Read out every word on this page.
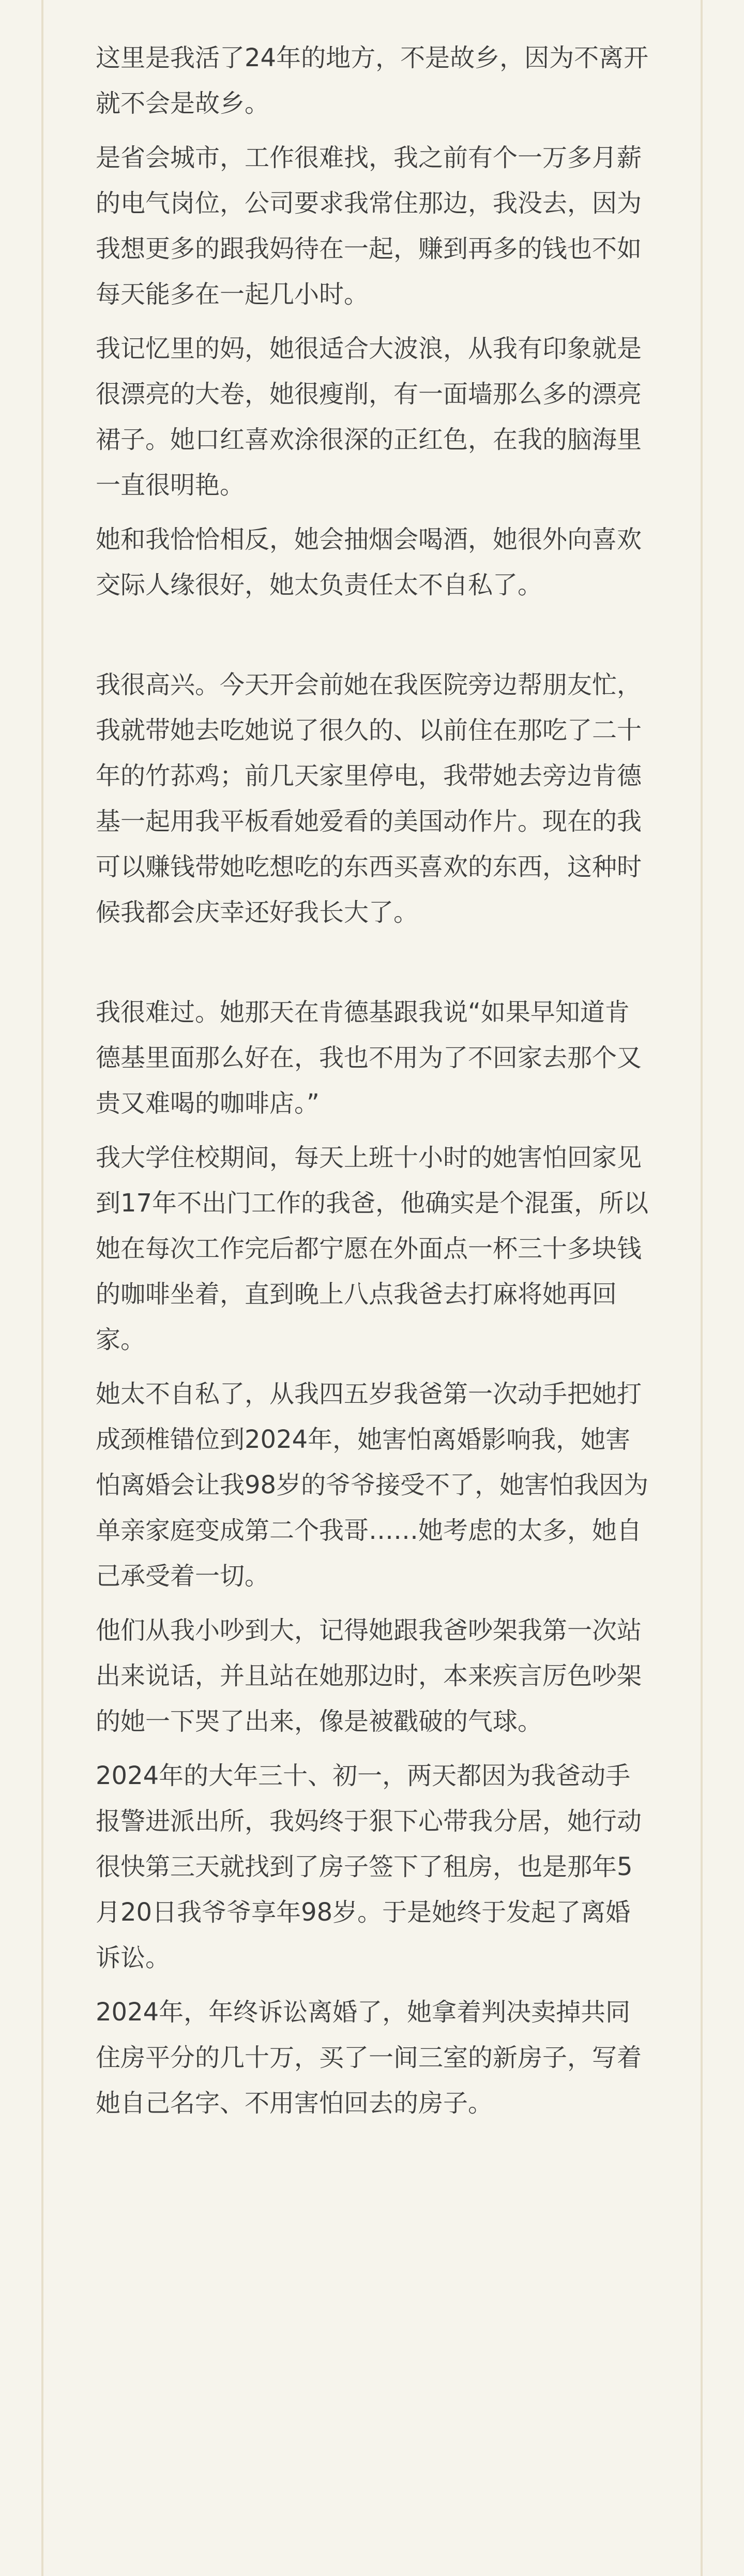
这里是我活了24年的地方，不是故乡，因为不离开就不会是故乡。

是省会城市，工作很难找，我之前有个一万多月薪的电气岗位，公司要求我常住那边，我没去，因为我想更多的跟我妈待在一起，赚到再多的钱也不如每天能多在一起几小时。

我记忆里的妈，她很适合大波浪，从我有印象就是很漂亮的大卷，她很瘦削，有一面墙那么多的漂亮裙子。她口红喜欢涂很深的正红色，在我的脑海里一直很明艳。

她和我恰恰相反，她会抽烟会喝酒，她很外向喜欢交际人缘很好，她太负责任太不自私了。

我很高兴。今天开会前她在我医院旁边帮朋友忙，我就带她去吃她说了很久的、以前住在那吃了二十年的竹荪鸡；前几天家里停电，我带她去旁边肯德基一起用我平板看她爱看的美国动作片。现在的我可以赚钱带她吃想吃的东西买喜欢的东西，这种时候我都会庆幸还好我长大了。

我很难过。她那天在肯德基跟我说“如果早知道肯德基里面那么好在，我也不用为了不回家去那个又贵又难喝的咖啡店。”

我大学住校期间，每天上班十小时的她害怕回家见到17年不出门工作的我爸，他确实是个混蛋，所以她在每次工作完后都宁愿在外面点一杯三十多块钱的咖啡坐着，直到晚上八点我爸去打麻将她再回家。

她太不自私了，从我四五岁我爸第一次动手把她打成颈椎错位到2024年，她害怕离婚影响我，她害怕离婚会让我98岁的爷爷接受不了，她害怕我因为单亲家庭变成第二个我哥……她考虑的太多，她自己承受着一切。

他们从我小吵到大，记得她跟我爸吵架我第一次站出来说话，并且站在她那边时，本来疾言厉色吵架的她一下哭了出来，像是被戳破的气球。

2024年的大年三十、初一，两天都因为我爸动手报警进派出所，我妈终于狠下心带我分居，她行动很快第三天就找到了房子签下了租房，也是那年5月20日我爷爷享年98岁。于是她终于发起了离婚诉讼。

2024年，年终诉讼离婚了，她拿着判决卖掉共同住房平分的几十万，买了一间三室的新房子，写着她自己名字、不用害怕回去的房子。
